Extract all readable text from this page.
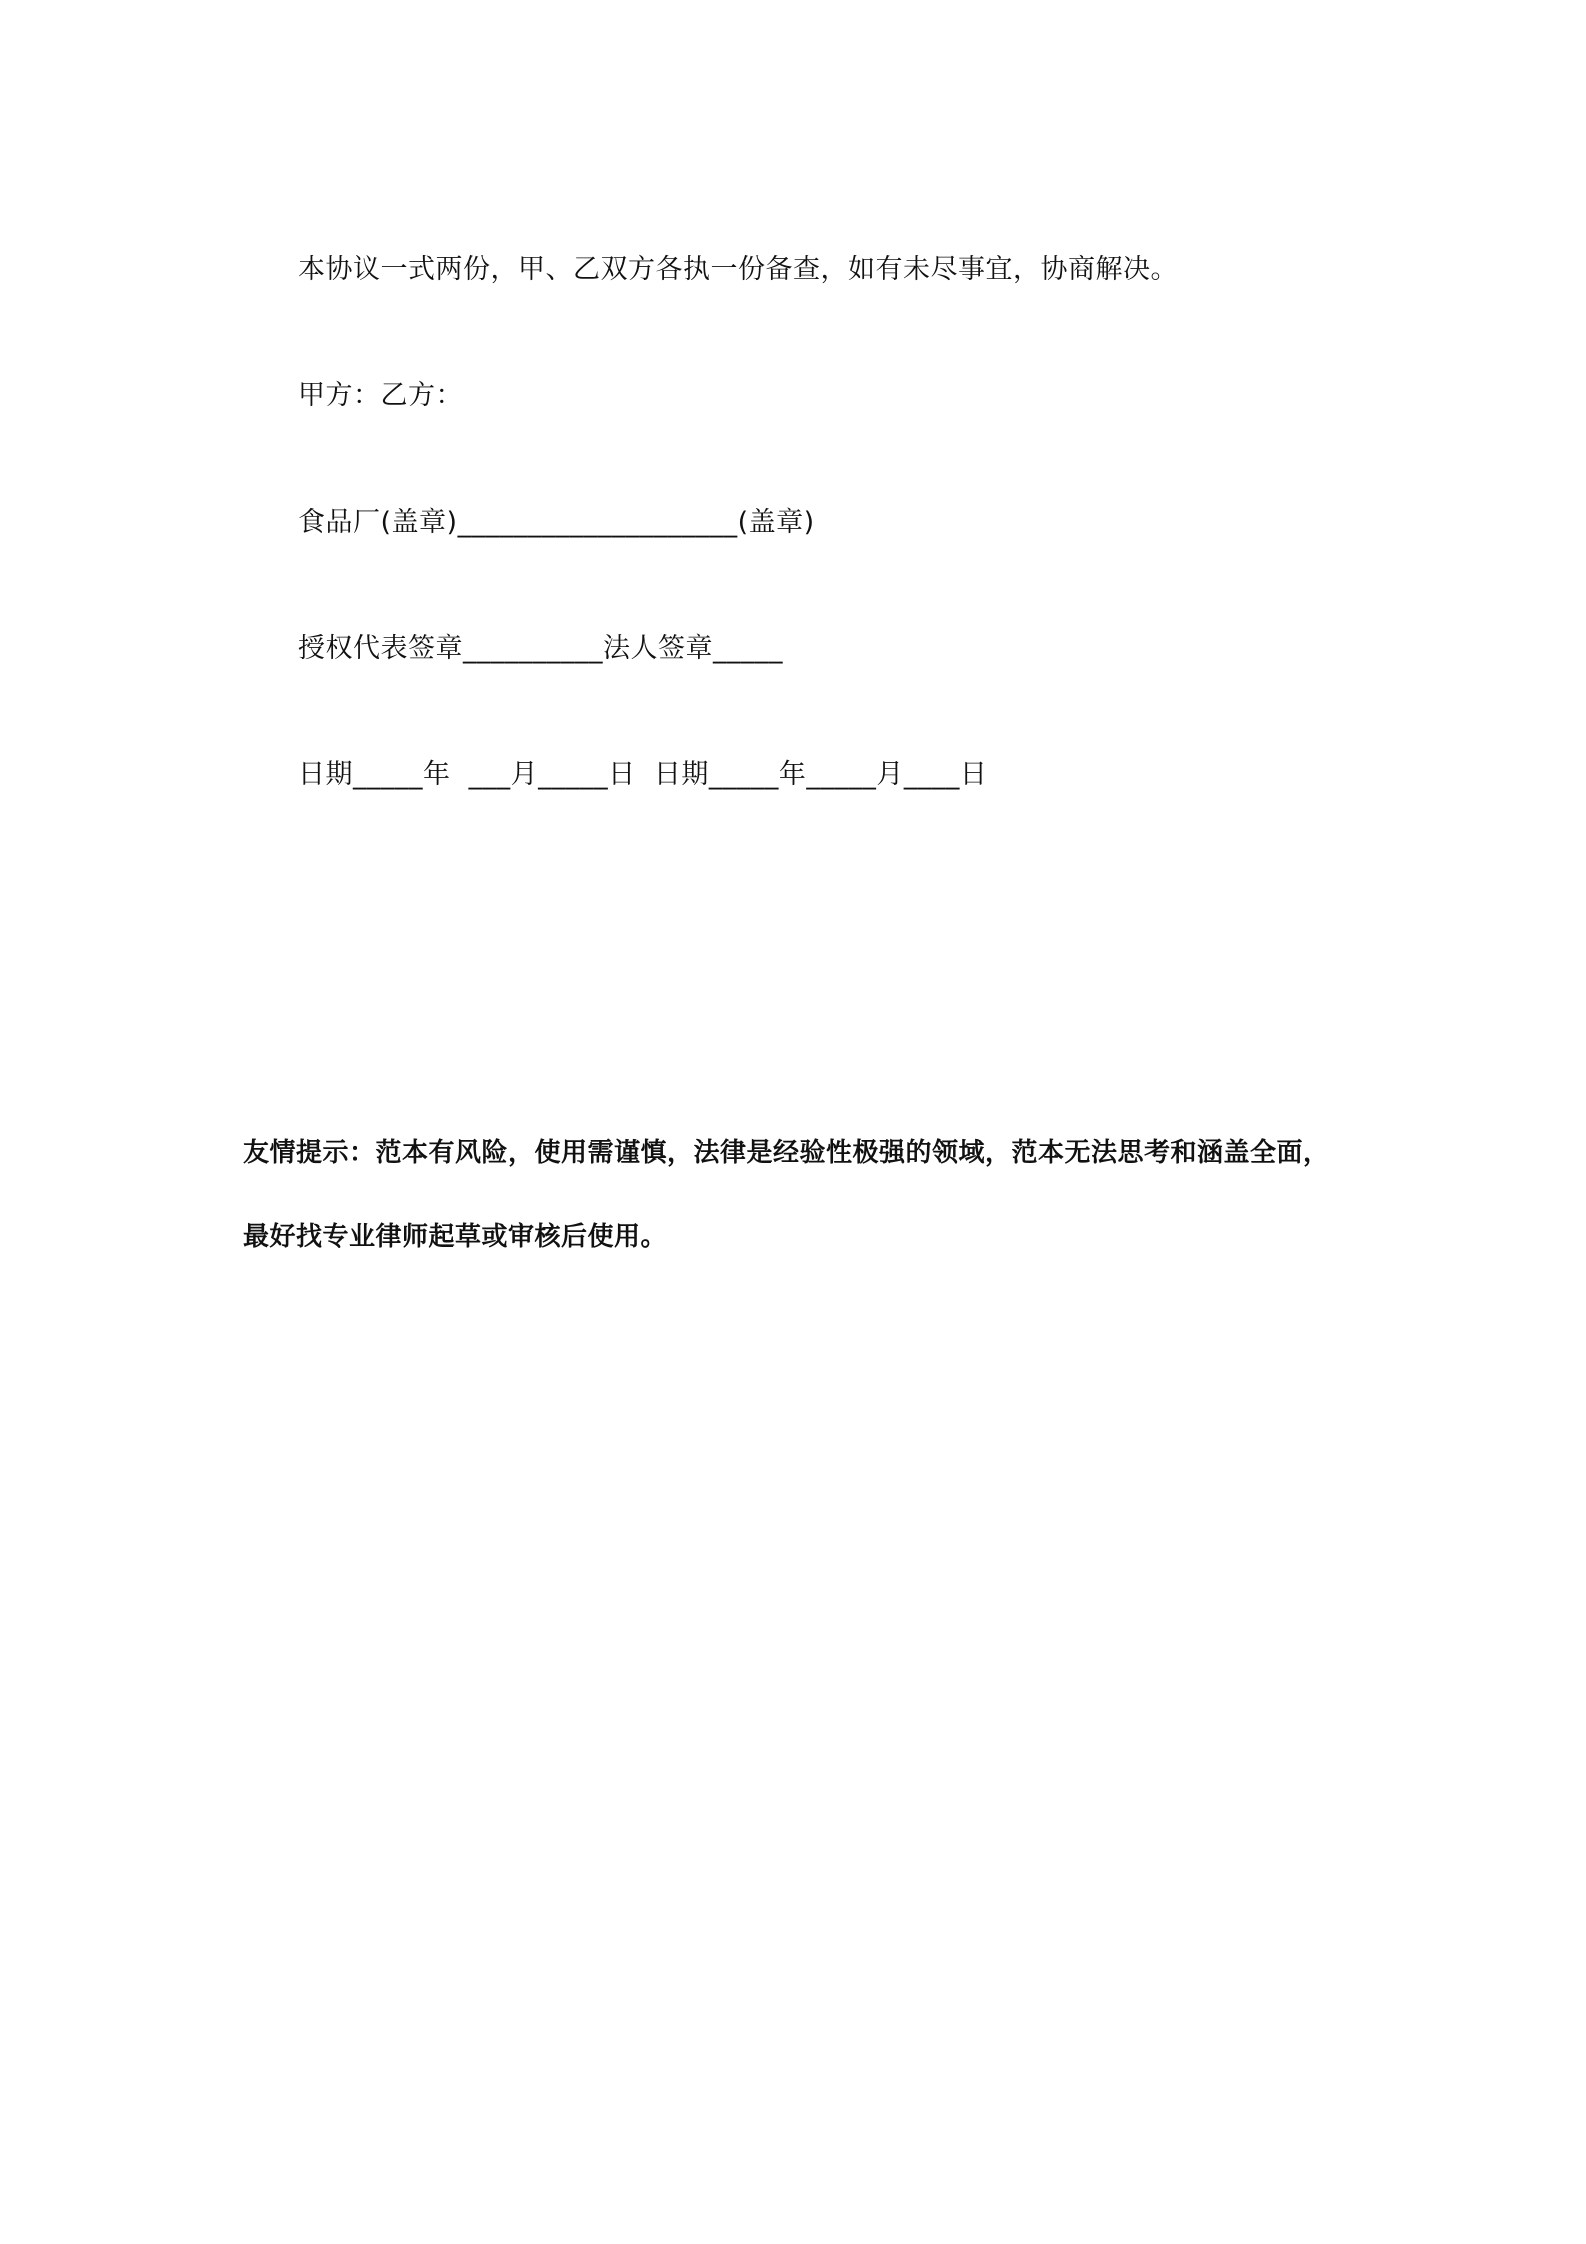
本协议一式两份，甲、乙双方各执一份备查，如有未尽事宜，协商解决。
甲方：乙方：
食品厂(盖章)____________________(盖章)
授权代表签章__________法人签章_____
日期_____年  ___月_____日  日期_____年_____月____日
友情提示：范本有风险，使用需谨慎，法律是经验性极强的领域，范本无法思考和涵盖全面，
最好找专业律师起草或审核后使用。
